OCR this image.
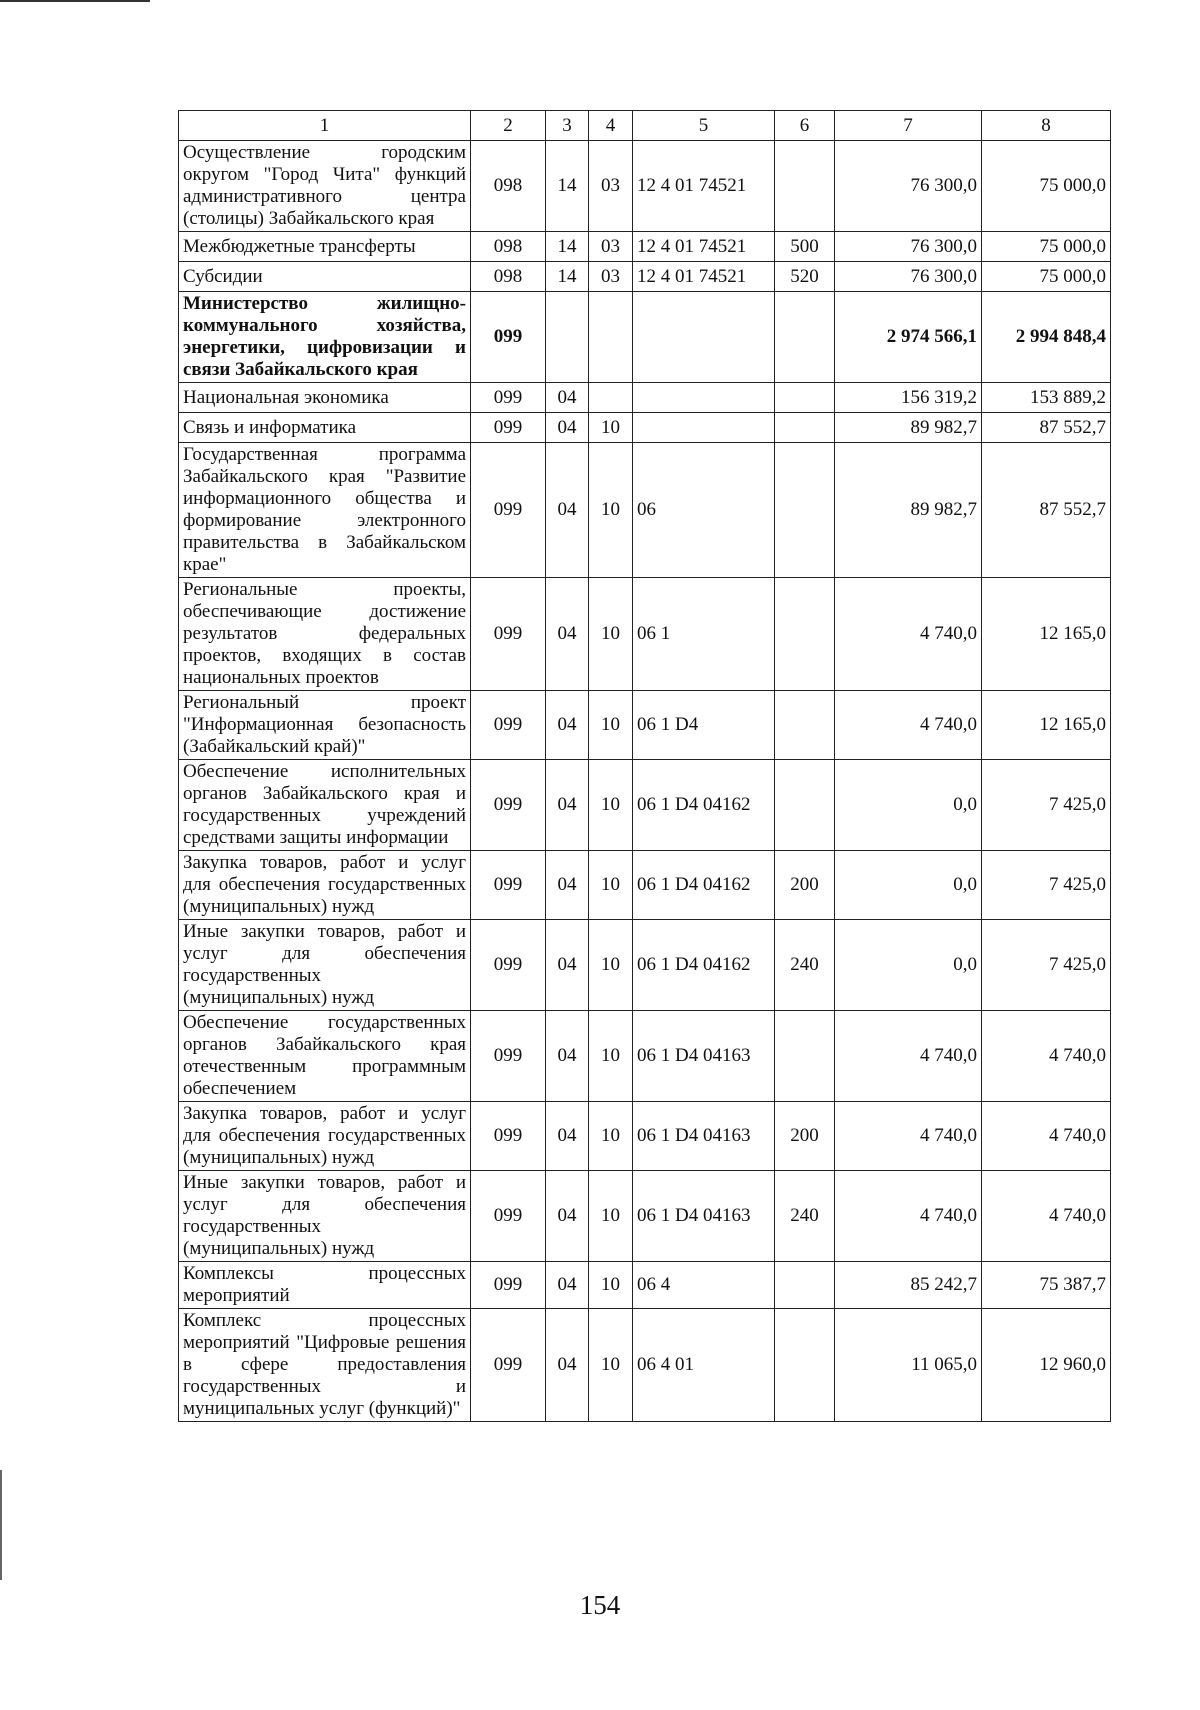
1	2	3	4	5	6	7	8
Осуществление городским округом "Город Чита" функций административного центра (столицы) Забайкальского края	098	14	03	12 4 01 74521		76 300,0	75 000,0
Межбюджетные трансферты	098	14	03	12 4 01 74521	500	76 300,0	75 000,0
Субсидии	098	14	03	12 4 01 74521	520	76 300,0	75 000,0
Министерство жилищно-коммунального хозяйства, энергетики, цифровизации и связи Забайкальского края	099					2 974 566,1	2 994 848,4
Национальная экономика	099	04				156 319,2	153 889,2
Связь и информатика	099	04	10			89 982,7	87 552,7
Государственная программа Забайкальского края "Развитие информационного общества и формирование электронного правительства в Забайкальском крае"	099	04	10	06		89 982,7	87 552,7
Региональные проекты, обеспечивающие достижение результатов федеральных проектов, входящих в состав национальных проектов	099	04	10	06 1		4 740,0	12 165,0
Региональный проект "Информационная безопасность (Забайкальский край)"	099	04	10	06 1 D4		4 740,0	12 165,0
Обеспечение исполнительных органов Забайкальского края и государственных учреждений средствами защиты информации	099	04	10	06 1 D4 04162		0,0	7 425,0
Закупка товаров, работ и услуг для обеспечения государственных (муниципальных) нужд	099	04	10	06 1 D4 04162	200	0,0	7 425,0
Иные закупки товаров, работ и услуг для обеспечения государственных (муниципальных) нужд	099	04	10	06 1 D4 04162	240	0,0	7 425,0
Обеспечение государственных органов Забайкальского края отечественным программным обеспечением	099	04	10	06 1 D4 04163		4 740,0	4 740,0
Закупка товаров, работ и услуг для обеспечения государственных (муниципальных) нужд	099	04	10	06 1 D4 04163	200	4 740,0	4 740,0
Иные закупки товаров, работ и услуг для обеспечения государственных (муниципальных) нужд	099	04	10	06 1 D4 04163	240	4 740,0	4 740,0
Комплексы процессных мероприятий	099	04	10	06 4		85 242,7	75 387,7
Комплекс процессных мероприятий "Цифровые решения в сфере предоставления государственных и муниципальных услуг (функций)"	099	04	10	06 4 01		11 065,0	12 960,0
154
